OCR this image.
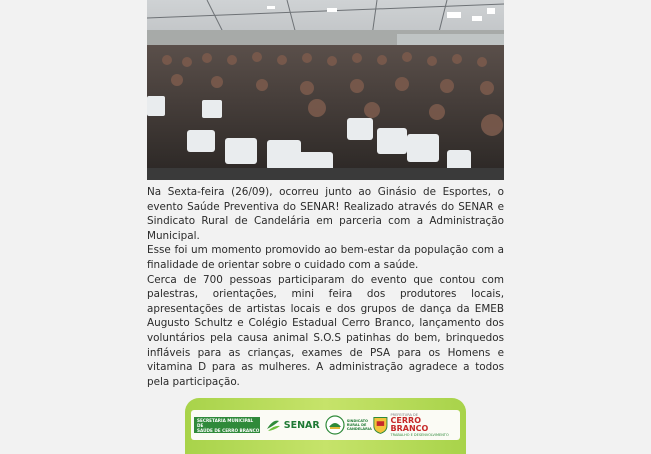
Na Sexta-feira (26/09), ocorreu junto ao Ginásio de Esportes, o evento Saúde Preventiva do SENAR! Realizado através do SENAR e Sindicato Rural de Candelária em parceria com a Administração Municipal.

Esse foi um momento promovido ao bem-estar da população com a finalidade de orientar sobre o cuidado com a saúde.

Cerca de 700 pessoas participaram do evento que contou com palestras, orientações, mini feira dos produtores locais, apresentações de artistas locais e dos grupos de dança da EMEB Augusto Schultz e Colégio Estadual Cerro Branco, lançamento dos voluntários pela causa animal S.O.S patinhas do bem, brinquedos infláveis para as crianças, exames de PSA para os Homens e vitamina D para as mulheres. A administração agradece a todos pela participação.

SECRETARIA MUNICIPAL DE
SAÚDE DE CERRO BRANCO	SENAR	SINDICATO RURAL DE CANDELÁRIA
PREFEITURA DE
CERRO BRANCO
TRABALHO E DESENVOLVIMENTO
